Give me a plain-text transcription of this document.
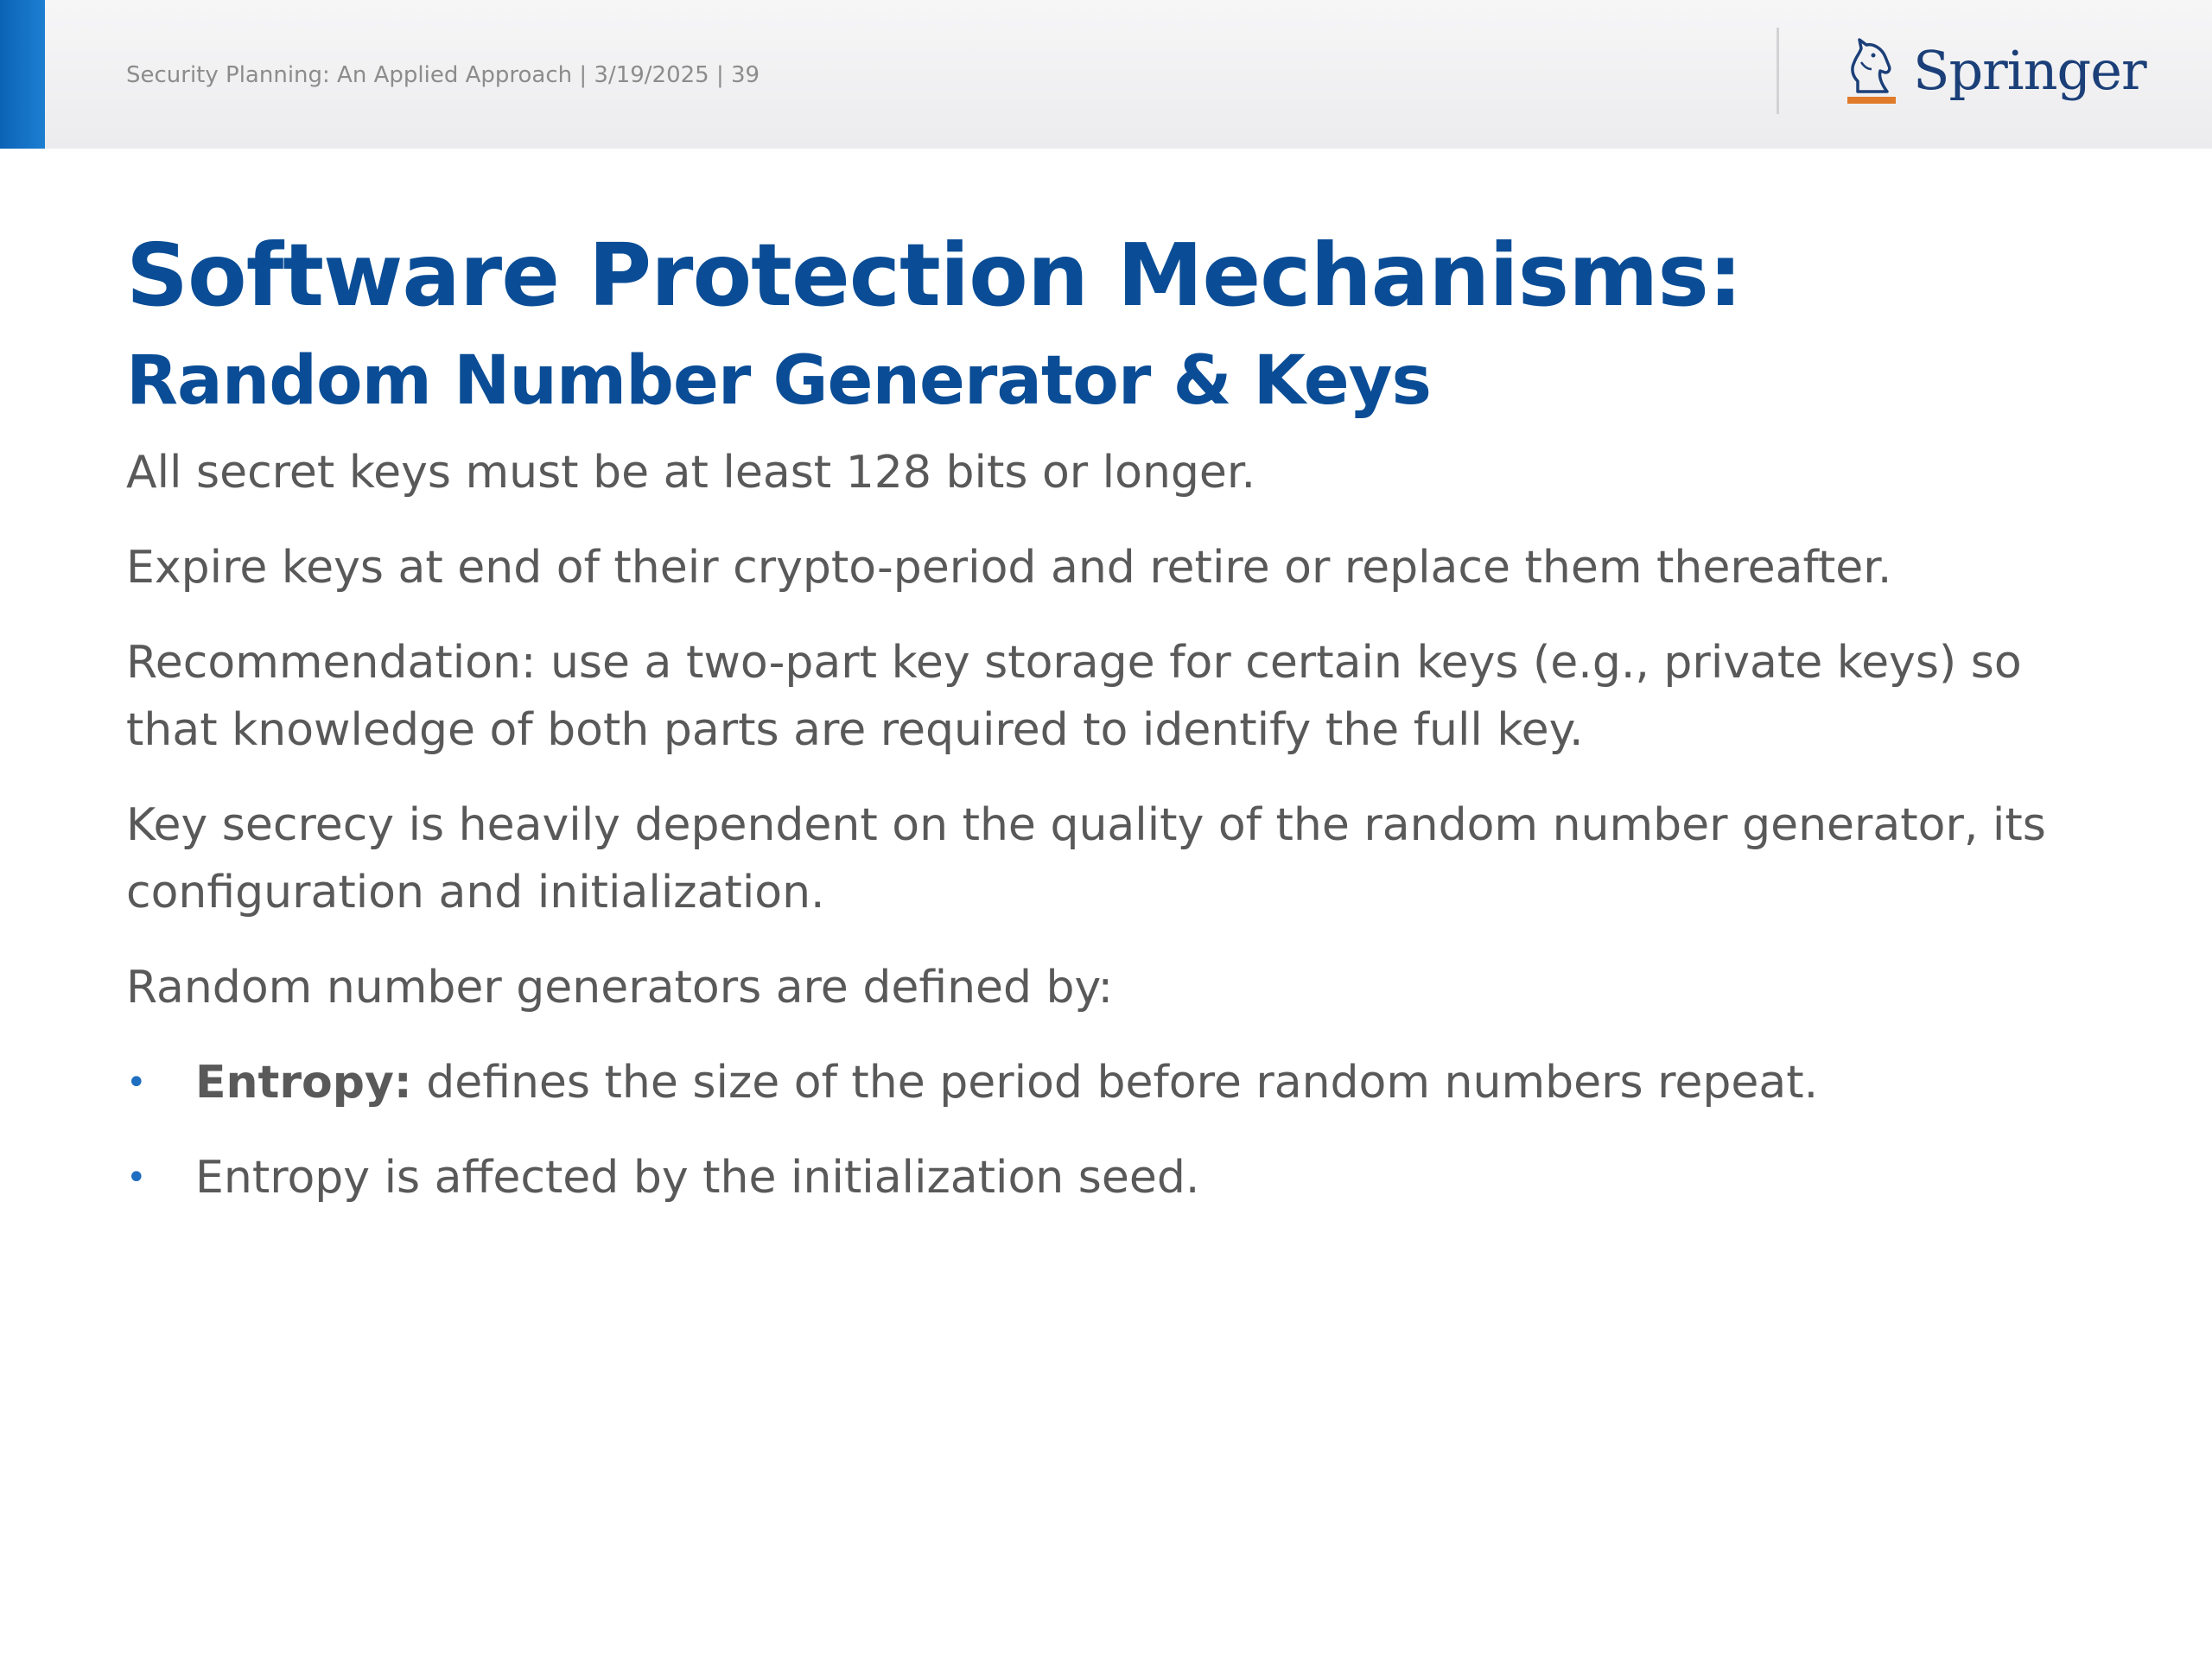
Security Planning: An Applied Approach | 3/19/2025 | 39	Springer
Software Protection Mechanisms:
Random Number Generator & Keys

All secret keys must be at least 128 bits or longer.

Expire keys at end of their crypto-period and retire or replace them thereafter.

Recommendation: use a two-part key storage for certain keys (e.g., private keys) so that knowledge of both parts are required to identify the full key.

Key secrecy is heavily dependent on the quality of the random number generator, its configuration and initialization.

Random number generators are defined by:

• Entropy: defines the size of the period before random numbers repeat.
• Entropy is affected by the initialization seed.
